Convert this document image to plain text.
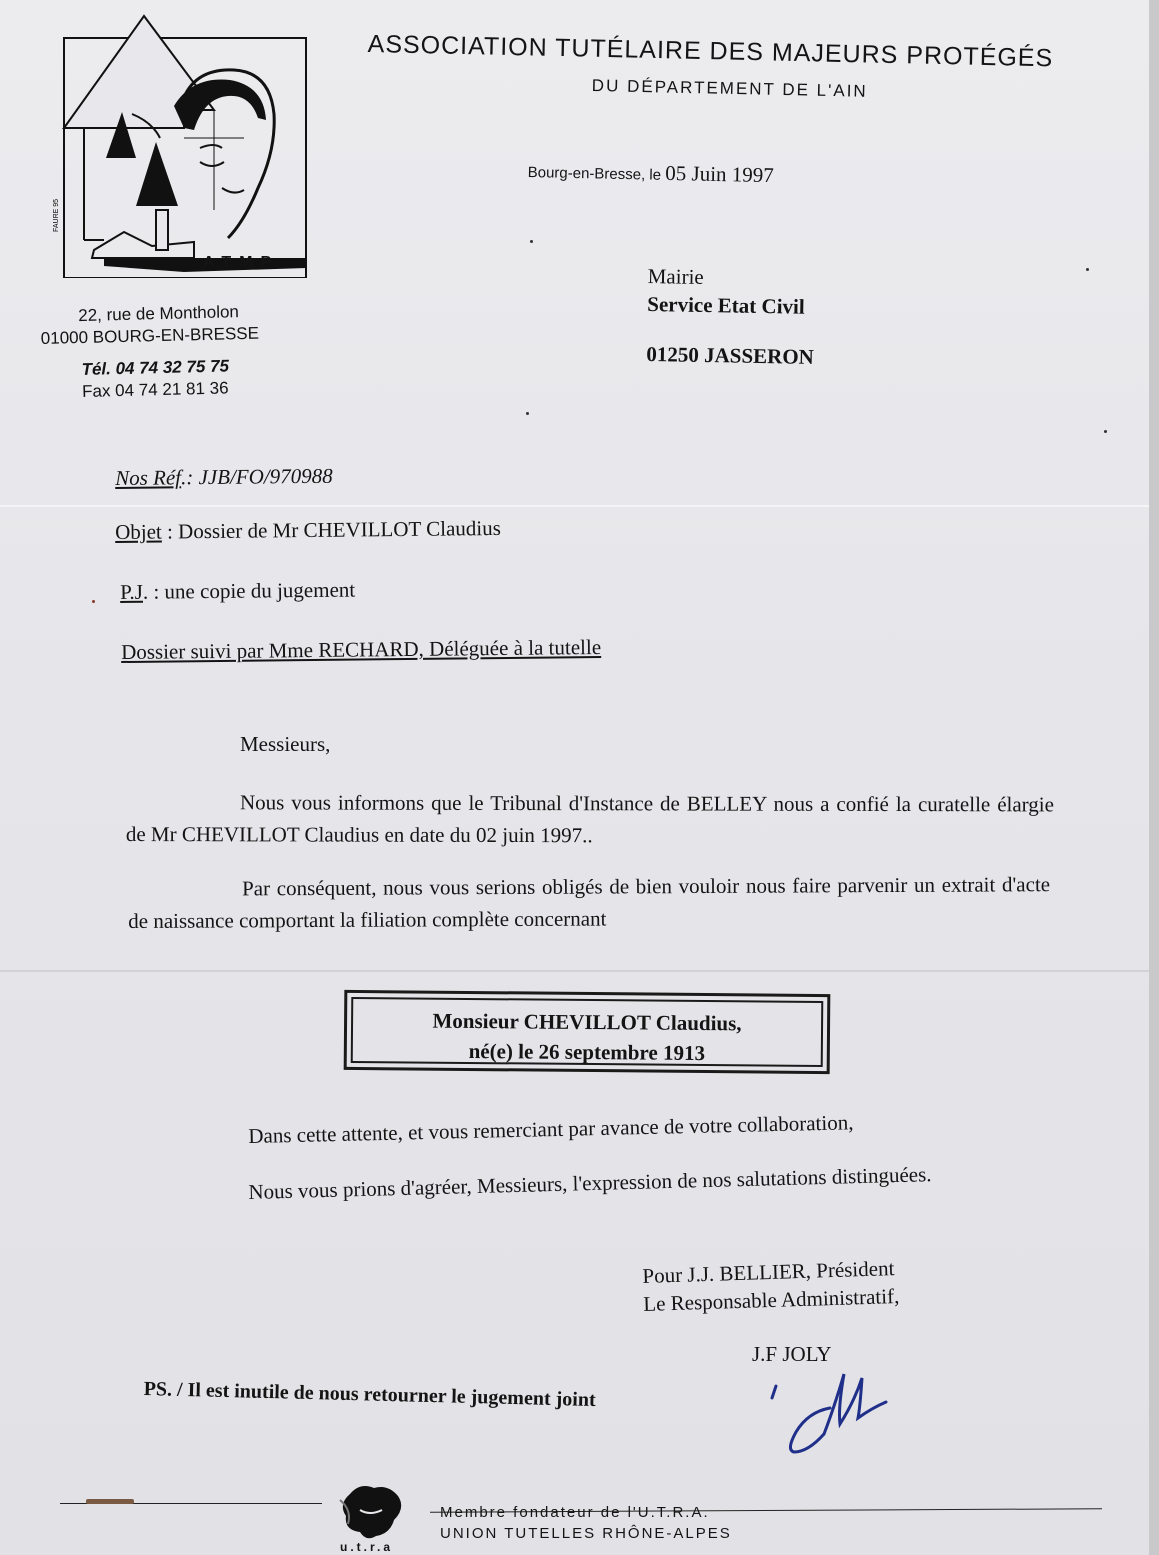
FAURE 95
ATMP
ASSOCIATION TUTÉLAIRE DES MAJEURS PROTÉGÉS
DU DÉPARTEMENT DE L'AIN
Bourg-en-Bresse, le 05 Juin 1997
22, rue de Montholon
01000 BOURG-EN-BRESSE
Tél. 04 74 32 75 75
Fax 04 74 21 81 36
Mairie
Service Etat Civil
01250 JASSERON
Nos Réf.: JJB/FO/970988
Objet : Dossier de Mr CHEVILLOT Claudius
P.J. : une copie du jugement
Dossier suivi par Mme RECHARD, Déléguée à la tutelle
Messieurs,
Nous vous informons que le Tribunal d'Instance de BELLEY nous a confié la curatelle élargie de Mr CHEVILLOT Claudius en date du 02 juin 1997..
Par conséquent, nous vous serions obligés de bien vouloir nous faire parvenir un extrait d'acte de naissance comportant la filiation complète concernant
Monsieur CHEVILLOT Claudius,
né(e) le 26 septembre 1913
Dans cette attente, et vous remerciant par avance de votre collaboration,
Nous vous prions d'agréer, Messieurs, l'expression de nos salutations distinguées.
Pour J.J. BELLIER, Président
Le Responsable Administratif,
J.F JOLY
PS. / Il est inutile de nous retourner le jugement joint
u.t.r.a
Membre fondateur de l'U.T.R.A.
UNION TUTELLES RHÔNE-ALPES
